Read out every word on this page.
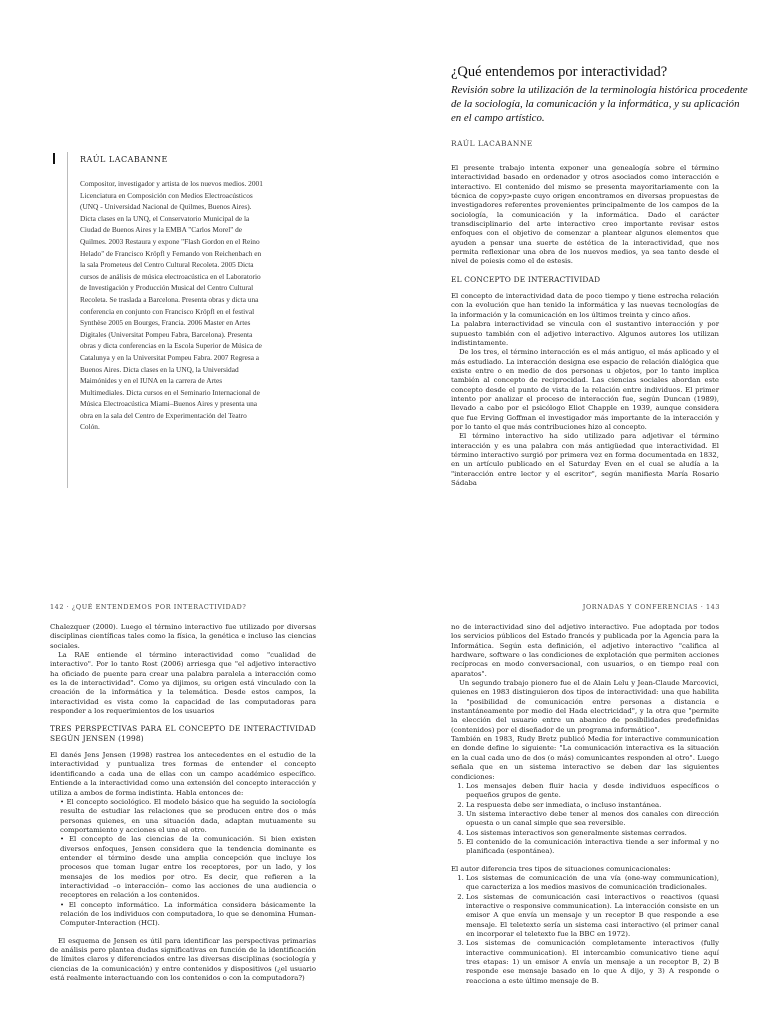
¿Qué entendemos por interactividad?
Revisión sobre la utilización de la terminología histórica procedente de la sociología, la comunicación y la informática, y su aplicación en el campo artístico.
RAÚL LACABANNE
RAÚL LACABANNE
Compositor, investigador y artista de los nuevos medios. 2001 Licenciatura en Composición con Medios Electroacústicos (UNQ - Universidad Nacional de Quilmes, Buenos Aires). Dicta clases en la UNQ, el Conservatorio Municipal de la Ciudad de Buenos Aires y la EMBA "Carlos Morel" de Quilmes. 2003 Restaura y expone "Flash Gordon en el Reino Helado" de Francisco Kröpfl y Fernando von Reichenbach en la sala Prometeus del Centro Cultural Recoleta. 2005 Dicta cursos de análisis de música electroacústica en el Laboratorio de Investigación y Producción Musical del Centro Cultural Recoleta. Se traslada a Barcelona. Presenta obras y dicta una conferencia en conjunto con Francisco Kröpfl en el festival Synthèse 2005 en Bourges, Francia. 2006 Master en Artes Digitales (Universitat Pompeu Fabra, Barcelona). Presenta obras y dicta conferencias en la Escola Superior de Música de Catalunya y en la Universitat Pompeu Fabra. 2007 Regresa a Buenos Aires. Dicta clases en la UNQ, la Universidad Maimónides y en el IUNA en la carrera de Artes Multimediales. Dicta cursos en el Seminario Internacional de Música Electroacústica Miami–Buenos Aires y presenta una obra en la sala del Centro de Experimentación del Teatro Colón.

El presente trabajo intenta exponer una genealogía sobre el término interactividad basado en ordenador y otros asociados como interacción e interactivo. El contenido del mismo se presenta mayoritariamente con la técnica de copy>paste cuyo origen encontramos en diversas propuestas de investigadores referentes provenientes principalmente de los campos de la sociología, la comunicación y la informática. Dado el carácter transdisciplinario del arte interactivo creo importante revisar estos enfoques con el objetivo de comenzar a plantear algunos elementos que ayuden a pensar una suerte de estética de la interactividad, que nos permita reflexionar una obra de los nuevos medios, ya sea tanto desde el nivel de poiesis como el de estesis.

EL CONCEPTO DE INTERACTIVIDAD

El concepto de interactividad data de poco tiempo y tiene estrecha relación con la evolución que han tenido la informática y las nuevas tecnologías de la información y la comunicación en los últimos treinta y cinco años.

La palabra interactividad se vincula con el sustantivo interacción y por supuesto también con el adjetivo interactivo. Algunos autores los utilizan indistintamente.

De los tres, el término interacción es el más antiguo, el más aplicado y el más estudiado. La interacción designa ese espacio de relación dialógica que existe entre o en medio de dos personas u objetos, por lo tanto implica también al concepto de reciprocidad. Las ciencias sociales abordan este concepto desde el punto de vista de la relación entre individuos. El primer intento por analizar el proceso de interacción fue, según Duncan (1989), llevado a cabo por el psicólogo Eliot Chapple en 1939, aunque considera que fue Erving Goffman el investigador más importante de la interacción y por lo tanto el que más contribuciones hizo al concepto.

El término interactivo ha sido utilizado para adjetivar el término interacción y es una palabra con más antigüedad que interactividad. El término interactivo surgió por primera vez en forma documentada en 1832, en un artículo publicado en el Saturday Even en el cual se aludía a la "interacción entre lector y el escritor", según manifiesta María Rosario Sádaba

142 · ¿QUÉ ENTENDEMOS POR INTERACTIVIDAD?	JORNADAS Y CONFERENCIAS · 143

Chalezquer (2000). Luego el término interactivo fue utilizado por diversas disciplinas científicas tales como la física, la genética e incluso las ciencias sociales.

La RAE entiende el término interactividad como "cualidad de interactivo". Por lo tanto Rost (2006) arriesga que "el adjetivo interactivo ha oficiado de puente para crear una palabra paralela a interacción como es la de interactividad". Como ya dijimos, su origen está vinculado con la creación de la informática y la telemática. Desde estos campos, la interactividad es vista como la capacidad de las computadoras para responder a los requerimientos de los usuarios

TRES PERSPECTIVAS PARA EL CONCEPTO DE INTERACTIVIDAD SEGÚN JENSEN (1998)

El danés Jens Jensen (1998) rastrea los antecedentes en el estudio de la interactividad y puntualiza tres formas de entender el concepto identificando a cada una de ellas con un campo académico específico. Entiende a la interactividad como una extensión del concepto interacción y utiliza a ambos de forma indistinta. Habla entonces de:

• El concepto sociológico. El modelo básico que ha seguido la sociología resulta de estudiar las relaciones que se producen entre dos o más personas quienes, en una situación dada, adaptan mutuamente su comportamiento y acciones el uno al otro.
• El concepto de las ciencias de la comunicación. Si bien existen diversos enfoques, Jensen considera que la tendencia dominante es entender el término desde una amplia concepción que incluye los procesos que toman lugar entre los receptores, por un lado, y los mensajes de los medios por otro. Es decir, que refieren a la interactividad –o interacción– como las acciones de una audiencia o receptores en relación a los contenidos.
• El concepto informático. La informática considera básicamente la relación de los individuos con computadora, lo que se denomina Human-Computer-Interaction (HCI).

El esquema de Jensen es útil para identificar las perspectivas primarias de análisis pero plantea dudas significativas en función de la identificación de límites claros y diferenciados entre las diversas disciplinas (sociología y ciencias de la comunicación) y entre contenidos y dispositivos (¿el usuario está realmente interactuando con los contenidos o con la computadora?)

no de interactividad sino del adjetivo interactivo. Fue adoptada por todos los servicios públicos del Estado francés y publicada por la Agencia para la Informática. Según esta definición, el adjetivo interactivo "califica al hardware, software o las condiciones de explotación que permiten acciones recíprocas en modo conversacional, con usuarios, o en tiempo real con aparatos".

Un segundo trabajo pionero fue el de Alain Lelu y Jean-Claude Marcovici, quienes en 1983 distinguieron dos tipos de interactividad: una que habilita la "posibilidad de comunicación entre personas a distancia e instantáneamente por medio del Hada electricidad", y la otra que "permite la elección del usuario entre un abanico de posibilidades predefinidas (contenidos) por el diseñador de un programa informático".

También en 1983, Rudy Bretz publicó Media for interactive communication en donde define lo siguiente: "La comunicación interactiva es la situación en la cual cada uno de dos (o más) comunicantes responden al otro". Luego señala que en un sistema interactivo se deben dar las siguientes condiciones:

1. Los mensajes deben fluir hacia y desde individuos específicos o pequeños grupos de gente.
2. La respuesta debe ser inmediata, o incluso instantánea.
3. Un sistema interactivo debe tener al menos dos canales con dirección opuesta o un canal simple que sea reversible.
4. Los sistemas interactivos son generalmente sistemas cerrados.
5. El contenido de la comunicación interactiva tiende a ser informal y no planificada (espontánea).

El autor diferencia tres tipos de situaciones comunicacionales:

1. Los sistemas de comunicación de una vía (one-way communication), que caracteriza a los medios masivos de comunicación tradicionales.
2. Los sistemas de comunicación casi interactivos o reactivos (quasi interactive o responsive communication). La interacción consiste en un emisor A que envía un mensaje y un receptor B que responde a ese mensaje. El teletexto sería un sistema casi interactivo (el primer canal en incorporar el teletexto fue la BBC en 1972).
3. Los sistemas de comunicación completamente interactivos (fully interactive communication). El intercambio comunicativo tiene aquí tres etapas: 1) un emisor A envía un mensaje a un receptor B, 2) B responde ese mensaje basado en lo que A dijo, y 3) A responde o reacciona a este último mensaje de B.
